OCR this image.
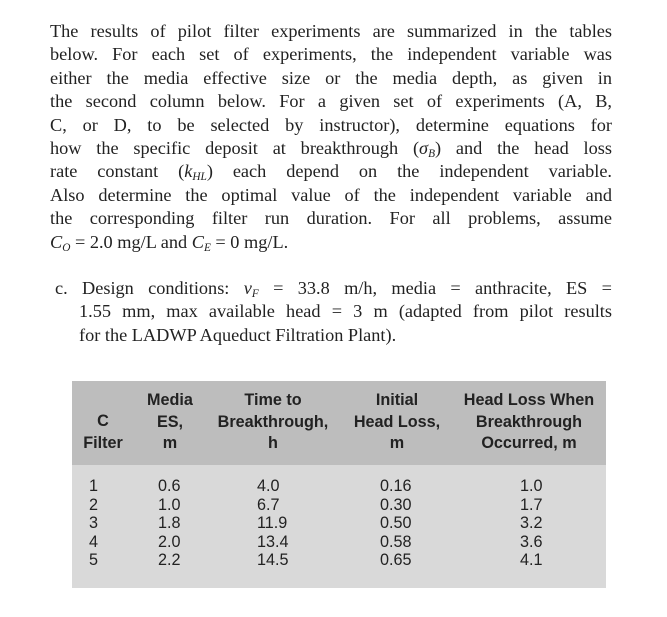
The results of pilot filter experiments are summarized in the tables
below. For each set of experiments, the independent variable was
either the media effective size or the media depth, as given in
the second column below. For a given set of experiments (A, B,
C, or D, to be selected by instructor), determine equations for
how the specific deposit at breakthrough $(\sigma_B)$ and the head loss
rate constant $(k_{HL})$ each depend on the independent variable.
Also determine the optimal value of the independent variable and
the corresponding filter run duration. For all problems, assume
$C_O = 2.0$ mg/L and $C_E = 0$ mg/L.
c. Design conditions: $v_F = 33.8$ m/h, media = anthracite, ES =
1.55 mm, max available head = 3 m (adapted from pilot results
for the LADWP Aqueduct Filtration Plant).
C
Filter
Media
ES,
m
Time to
Breakthrough,
h
Initial
Head Loss,
m
Head Loss When
Breakthrough
Occurred, m
1
2
3
4
5
0.6
1.0
1.8
2.0
2.2
4.0
6.7
11.9
13.4
14.5
0.16
0.30
0.50
0.58
0.65
1.0
1.7
3.2
3.6
4.1
